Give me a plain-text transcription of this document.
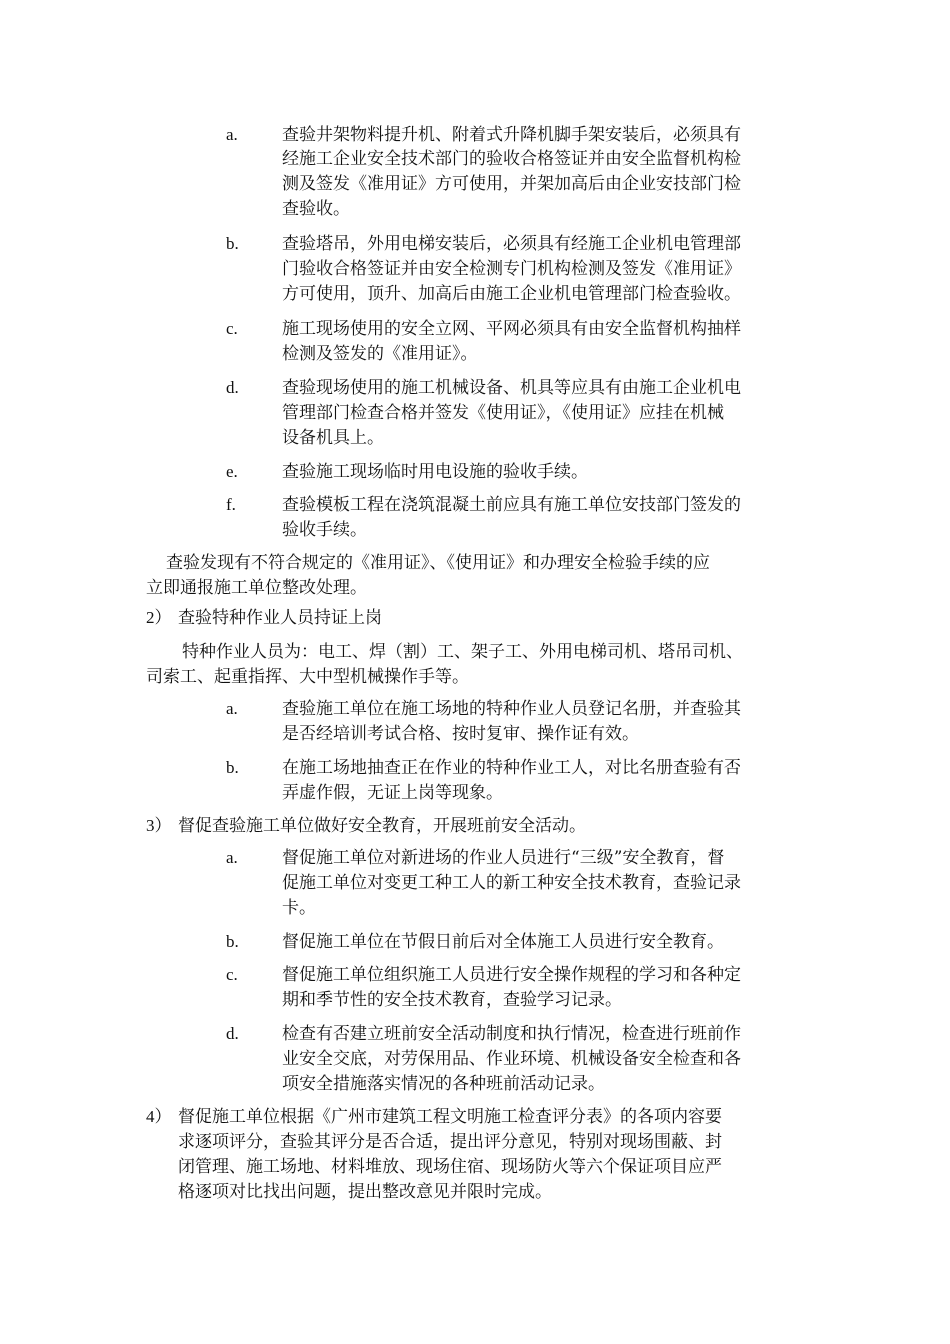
a.	查验井架物料提升机、附着式升降机脚手架安装后，必须具有
经施工企业安全技术部门的验收合格签证并由安全监督机构检
测及签发《准用证》方可使用，并架加高后由企业安技部门检
查验收。
b.	查验塔吊，外用电梯安装后，必须具有经施工企业机电管理部
门验收合格签证并由安全检测专门机构检测及签发《准用证》
方可使用，顶升、加高后由施工企业机电管理部门检查验收。
c.	施工现场使用的安全立网、平网必须具有由安全监督机构抽样
检测及签发的《准用证》。
d.	查验现场使用的施工机械设备、机具等应具有由施工企业机电
管理部门检查合格并签发《使用证》，《使用证》应挂在机械
设备机具上。
e.	查验施工现场临时用电设施的验收手续。
f.	查验模板工程在浇筑混凝土前应具有施工单位安技部门签发的
验收手续。
查验发现有不符合规定的《准用证》、《使用证》和办理安全检验手续的应
立即通报施工单位整改处理。
2） 查验特种作业人员持证上岗
特种作业人员为：电工、焊（割）工、架子工、外用电梯司机、塔吊司机、
司索工、起重指挥、大中型机械操作手等。
a.	查验施工单位在施工场地的特种作业人员登记名册，并查验其
是否经培训考试合格、按时复审、操作证有效。
b.	在施工场地抽查正在作业的特种作业工人，对比名册查验有否
弄虚作假，无证上岗等现象。
3） 督促查验施工单位做好安全教育，开展班前安全活动。
a.	督促施工单位对新进场的作业人员进行“三级”安全教育，督
促施工单位对变更工种工人的新工种安全技术教育，查验记录
卡。
b.	督促施工单位在节假日前后对全体施工人员进行安全教育。
c.	督促施工单位组织施工人员进行安全操作规程的学习和各种定
期和季节性的安全技术教育，查验学习记录。
d.	检查有否建立班前安全活动制度和执行情况，检查进行班前作
业安全交底，对劳保用品、作业环境、机械设备安全检查和各
项安全措施落实情况的各种班前活动记录。
4） 督促施工单位根据《广州市建筑工程文明施工检查评分表》的各项内容要
求逐项评分，查验其评分是否合适，提出评分意见，特别对现场围蔽、封
闭管理、施工场地、材料堆放、现场住宿、现场防火等六个保证项目应严
格逐项对比找出问题，提出整改意见并限时完成。
